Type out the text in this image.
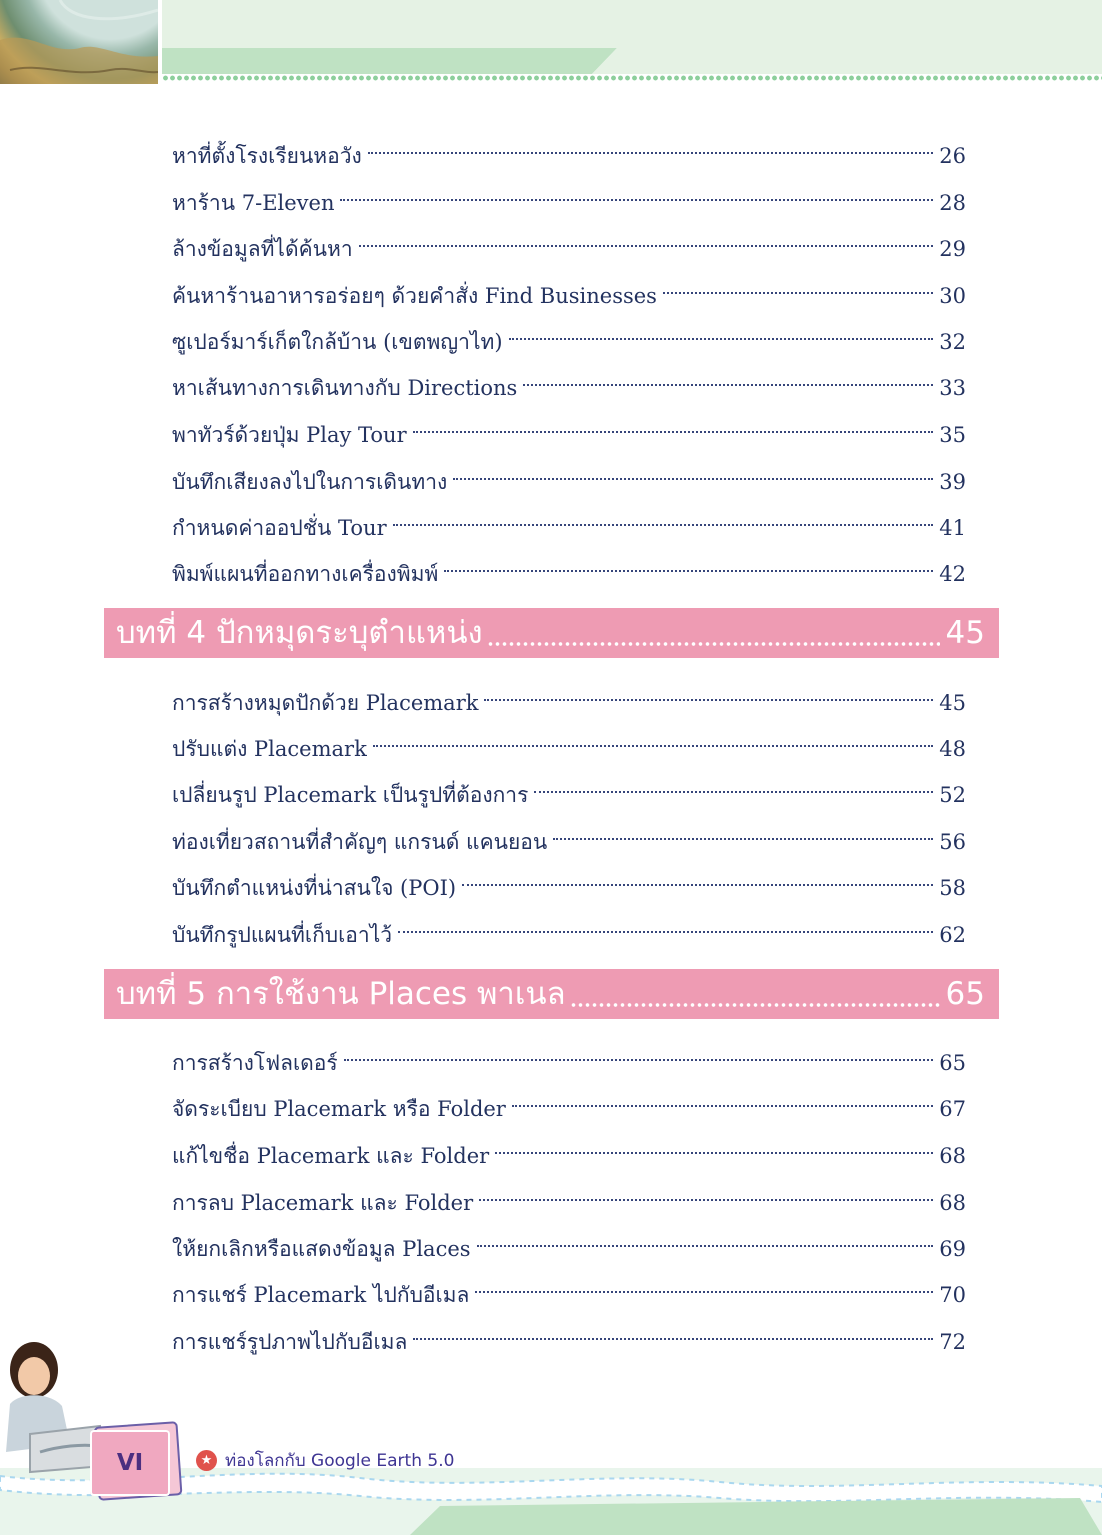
หาที่ตั้งโรงเรียนหอวัง	26
หาร้าน 7-Eleven	28
ล้างข้อมูลที่ได้ค้นหา	29
ค้นหาร้านอาหารอร่อยๆ ด้วยคำสั่ง Find Businesses	30
ซูเปอร์มาร์เก็ตใกล้บ้าน (เขตพญาไท)	32
หาเส้นทางการเดินทางกับ Directions	33
พาทัวร์ด้วยปุ่ม Play Tour	35
บันทึกเสียงลงไปในการเดินทาง	39
กำหนดค่าออปชั่น Tour	41
พิมพ์แผนที่ออกทางเครื่องพิมพ์	42
บทที่ 4 ปักหมุดระบุตำแหน่ง	45
การสร้างหมุดปักด้วย Placemark	45
ปรับแต่ง Placemark	48
เปลี่ยนรูป Placemark เป็นรูปที่ต้องการ	52
ท่องเที่ยวสถานที่สำคัญๆ แกรนด์ แคนยอน	56
บันทึกตำแหน่งที่น่าสนใจ (POI)	58
บันทึกรูปแผนที่เก็บเอาไว้	62
บทที่ 5 การใช้งาน Places พาเนล	65
การสร้างโฟลเดอร์	65
จัดระเบียบ Placemark หรือ Folder	67
แก้ไขชื่อ Placemark และ Folder	68
การลบ Placemark และ Folder	68
ให้ยกเลิกหรือแสดงข้อมูล Places	69
การแชร์ Placemark ไปกับอีเมล	70
การแชร์รูปภาพไปกับอีเมล	72
VI	★ ท่องโลกกับ Google Earth 5.0
